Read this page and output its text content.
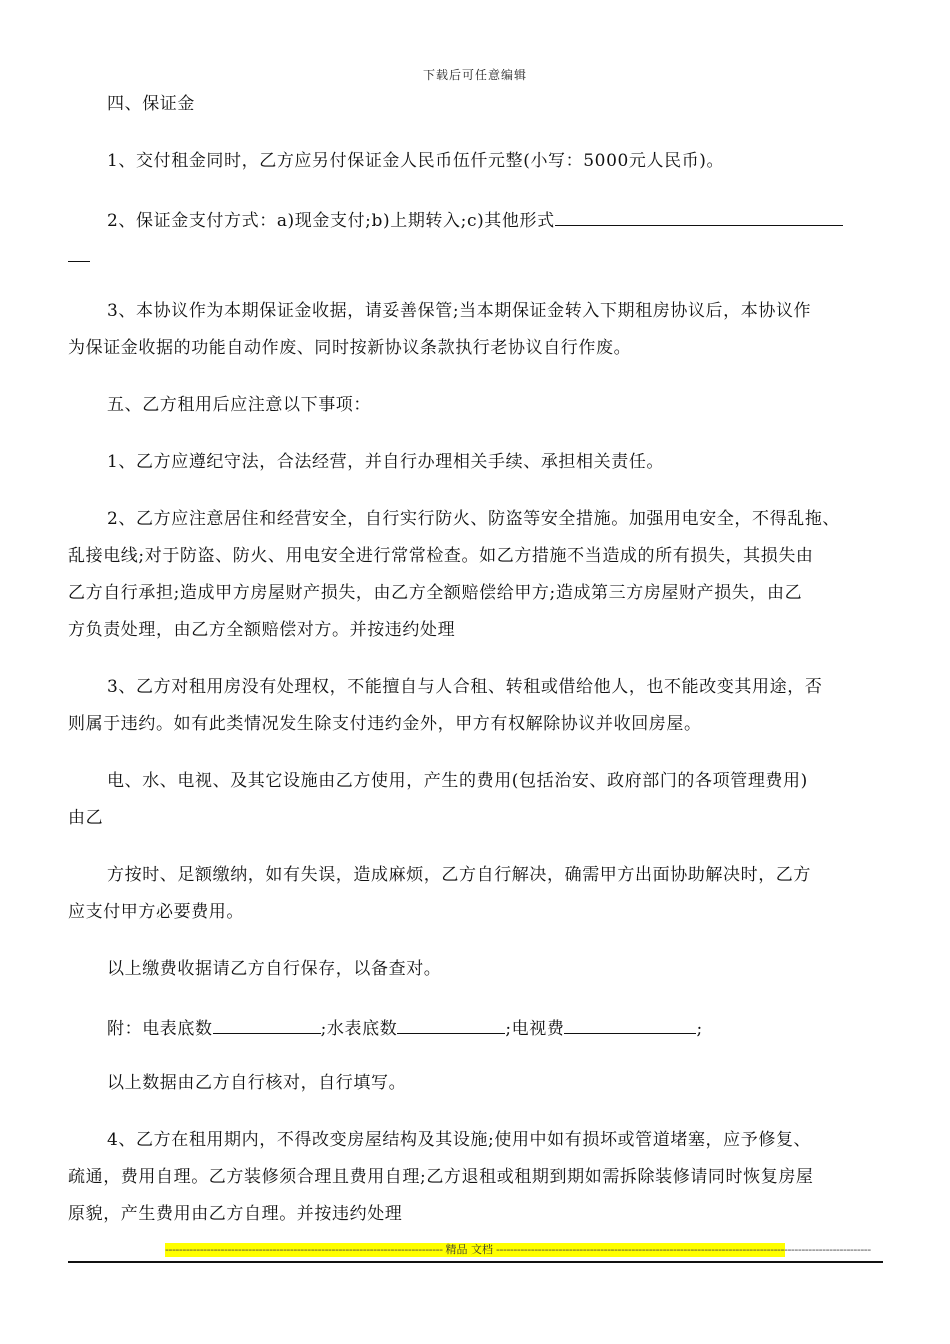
下载后可任意编辑
四、保证金
1、交付租金同时，乙方应另付保证金人民币伍仟元整(小写：5000元人民币)。
2、保证金支付方式：a)现金支付;b)上期转入;c)其他形式
3、本协议作为本期保证金收据，请妥善保管;当本期保证金转入下期租房协议后，本协议作
为保证金收据的功能自动作废、同时按新协议条款执行老协议自行作废。
五、乙方租用后应注意以下事项：
1、乙方应遵纪守法，合法经营，并自行办理相关手续、承担相关责任。
2、乙方应注意居住和经营安全，自行实行防火、防盗等安全措施。加强用电安全，不得乱拖、
乱接电线;对于防盗、防火、用电安全进行常常检查。如乙方措施不当造成的所有损失，其损失由
乙方自行承担;造成甲方房屋财产损失，由乙方全额赔偿给甲方;造成第三方房屋财产损失，由乙
方负责处理，由乙方全额赔偿对方。并按违约处理
3、乙方对租用房没有处理权，不能擅自与人合租、转租或借给他人，也不能改变其用途，否
则属于违约。如有此类情况发生除支付违约金外，甲方有权解除协议并收回房屋。
电、水、电视、及其它设施由乙方使用，产生的费用(包括治安、政府部门的各项管理费用)
由乙
方按时、足额缴纳，如有失误，造成麻烦，乙方自行解决，确需甲方出面协助解决时，乙方
应支付甲方必要费用。
以上缴费收据请乙方自行保存，以备查对。
附：电表底数	;水表底数	;电视费	;
以上数据由乙方自行核对，自行填写。
4、乙方在租用期内，不得改变房屋结构及其设施;使用中如有损坏或管道堵塞，应予修复、
疏通，费用自理。乙方装修须合理且费用自理;乙方退租或租期到期如需拆除装修请同时恢复房屋
原貌，产生费用由乙方自理。并按违约处理
-------------------------------------------------------------------------------- 精品 文档 ------------------------------------------------------------------------------------------------------------
